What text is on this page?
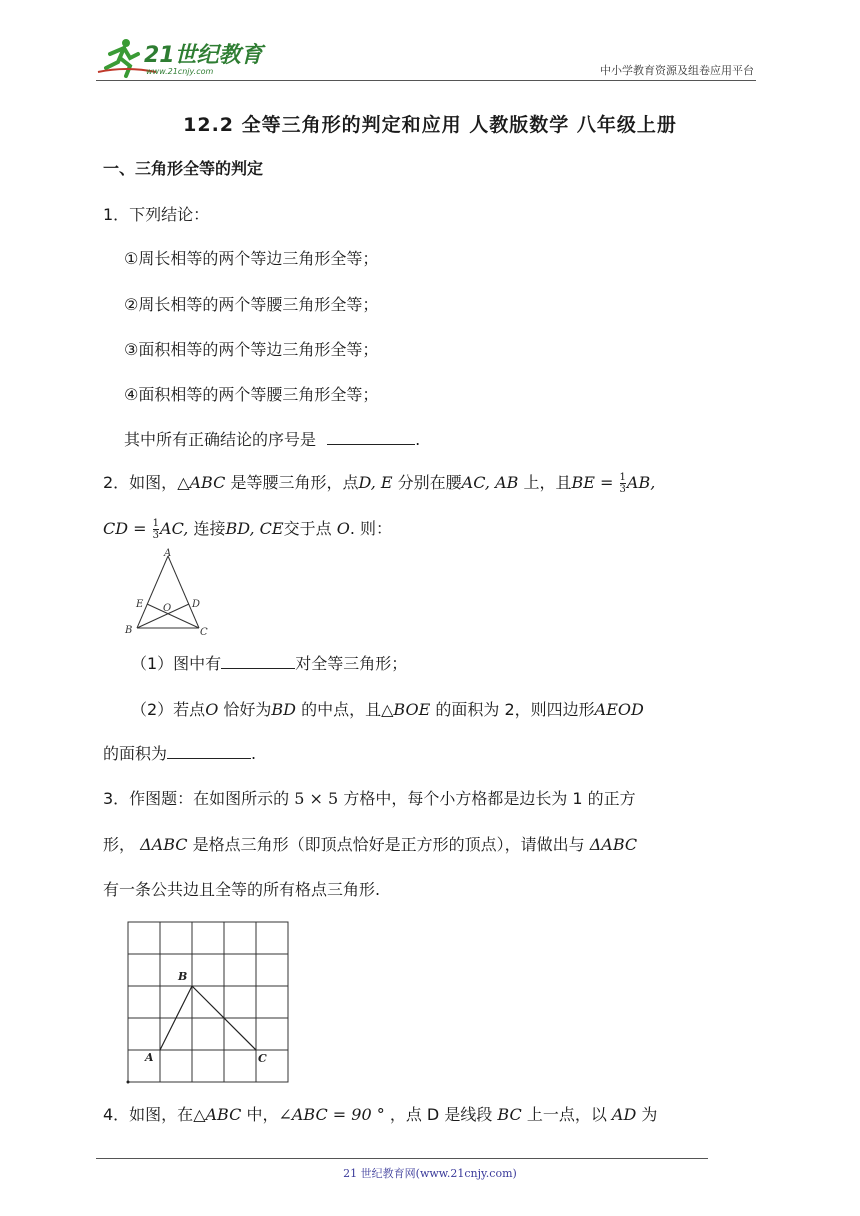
21世纪教育
www.21cnjy.com	中小学教育资源及组卷应用平台
12.2 全等三角形的判定和应用 人教版数学 八年级上册
一、三角形全等的判定
1．下列结论：
①周长相等的两个等边三角形全等；
②周长相等的两个等腰三角形全等；
③面积相等的两个等边三角形全等；
④面积相等的两个等腰三角形全等；
其中所有正确结论的序号是	.
2．如图，△ABC 是等腰三角形，点D, E 分别在腰AC, AB 上，且BE = $\frac{1}{3}$ AB,
CD = $\frac{1}{3}$ AC, 连接BD, CE交于点 O. 则：
A
B	C
D
E O
（1）图中有	对全等三角形；
（2）若点O 恰好为BD 的中点，且△BOE 的面积为 2，则四边形AEOD
的面积为	.
3．作图题：在如图所示的 5 × 5 方格中，每个小方格都是边长为 1 的正方
形， ΔABC 是格点三角形（即顶点恰好是正方形的顶点），请做出与 ΔABC
有一条公共边且全等的所有格点三角形.
A
B
C
4．如图，在△ABC 中，∠ABC = 90 ° ，点 D 是线段 BC 上一点，以 AD 为
21 世纪教育网(www.21cnjy.com)
